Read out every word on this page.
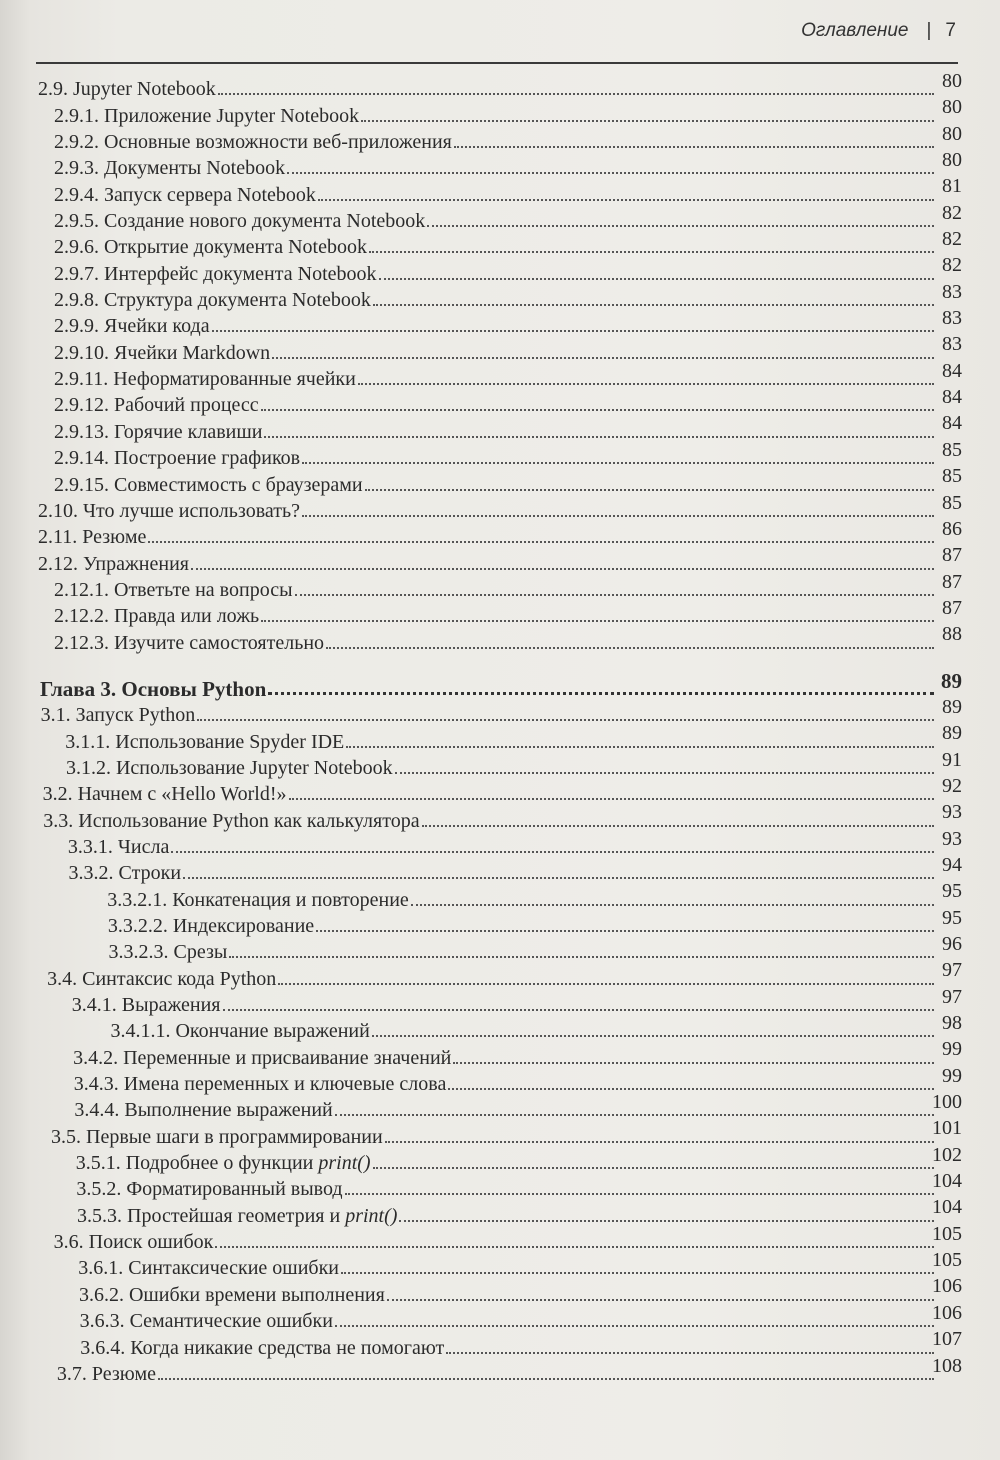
Оглавление | 7
2.9. Jupyter Notebook	80
2.9.1. Приложение Jupyter Notebook	80
2.9.2. Основные возможности веб-приложения	80
2.9.3. Документы Notebook	80
2.9.4. Запуск сервера Notebook	81
2.9.5. Создание нового документа Notebook	82
2.9.6. Открытие документа Notebook	82
2.9.7. Интерфейс документа Notebook	82
2.9.8. Структура документа Notebook	83
2.9.9. Ячейки кода	83
2.9.10. Ячейки Markdown	83
2.9.11. Неформатированные ячейки	84
2.9.12. Рабочий процесс	84
2.9.13. Горячие клавиши	84
2.9.14. Построение графиков	85
2.9.15. Совместимость с браузерами	85
2.10. Что лучше использовать?	85
2.11. Резюме	86
2.12. Упражнения	87
2.12.1. Ответьте на вопросы	87
2.12.2. Правда или ложь	87
2.12.3. Изучите самостоятельно	88
Глава 3. Основы Python	89
3.1. Запуск Python	89
3.1.1. Использование Spyder IDE	89
3.1.2. Использование Jupyter Notebook	91
3.2. Начнем с «Hello World!»	92
3.3. Использование Python как калькулятора	93
3.3.1. Числа	93
3.3.2. Строки	94
3.3.2.1. Конкатенация и повторение	95
3.3.2.2. Индексирование	95
3.3.2.3. Срезы	96
3.4. Синтаксис кода Python	97
3.4.1. Выражения	97
3.4.1.1. Окончание выражений	98
3.4.2. Переменные и присваивание значений	99
3.4.3. Имена переменных и ключевые слова	99
3.4.4. Выполнение выражений	100
3.5. Первые шаги в программировании	101
3.5.1. Подробнее о функции print()	102
3.5.2. Форматированный вывод	104
3.5.3. Простейшая геометрия и print()	104
3.6. Поиск ошибок	105
3.6.1. Синтаксические ошибки	105
3.6.2. Ошибки времени выполнения	106
3.6.3. Семантические ошибки	106
3.6.4. Когда никакие средства не помогают	107
3.7. Резюме	108
